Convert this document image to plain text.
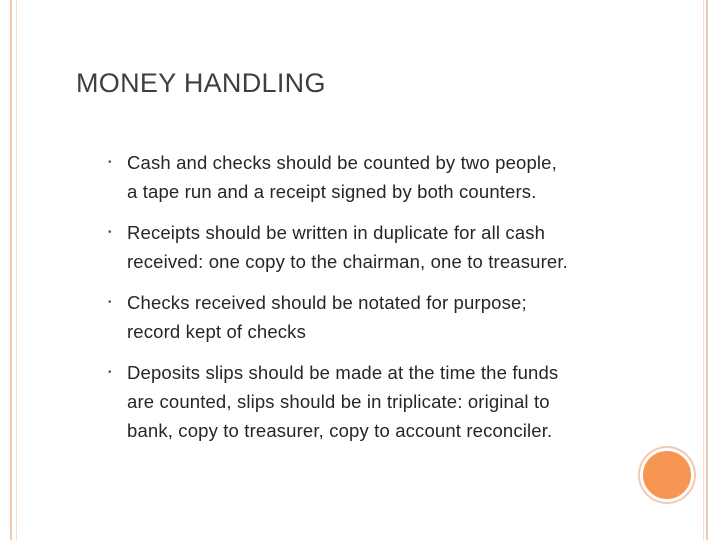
MONEY HANDLING
• Cash and checks should be counted by two people,
a tape run and a receipt signed by both counters.
• Receipts should be written in duplicate for all cash
received: one copy to the chairman, one to treasurer.
• Checks received should be notated for purpose;
record kept of checks
• Deposits slips should be made at the time the funds
are counted, slips should be in triplicate: original to
bank, copy to treasurer, copy to account reconciler.
